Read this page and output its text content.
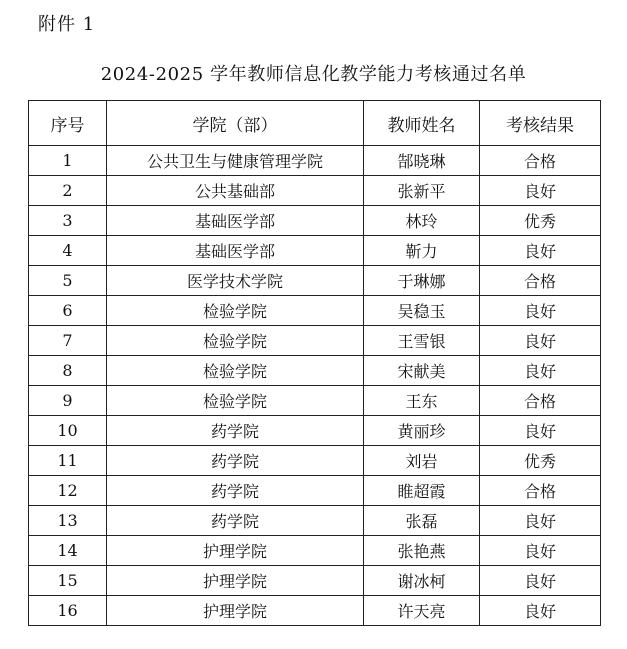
附件 1
2024-2025 学年教师信息化教学能力考核通过名单
序号	学院（部）	教师姓名	考核结果
1	公共卫生与健康管理学院	郜晓琳	合格
2	公共基础部	张新平	良好
3	基础医学部	林玲	优秀
4	基础医学部	靳力	良好
5	医学技术学院	于琳娜	合格
6	检验学院	吴稳玉	良好
7	检验学院	王雪银	良好
8	检验学院	宋献美	良好
9	检验学院	王东	合格
10	药学院	黄丽珍	良好
11	药学院	刘岩	优秀
12	药学院	睢超霞	合格
13	药学院	张磊	良好
14	护理学院	张艳燕	良好
15	护理学院	谢冰柯	良好
16	护理学院	许天亮	良好
